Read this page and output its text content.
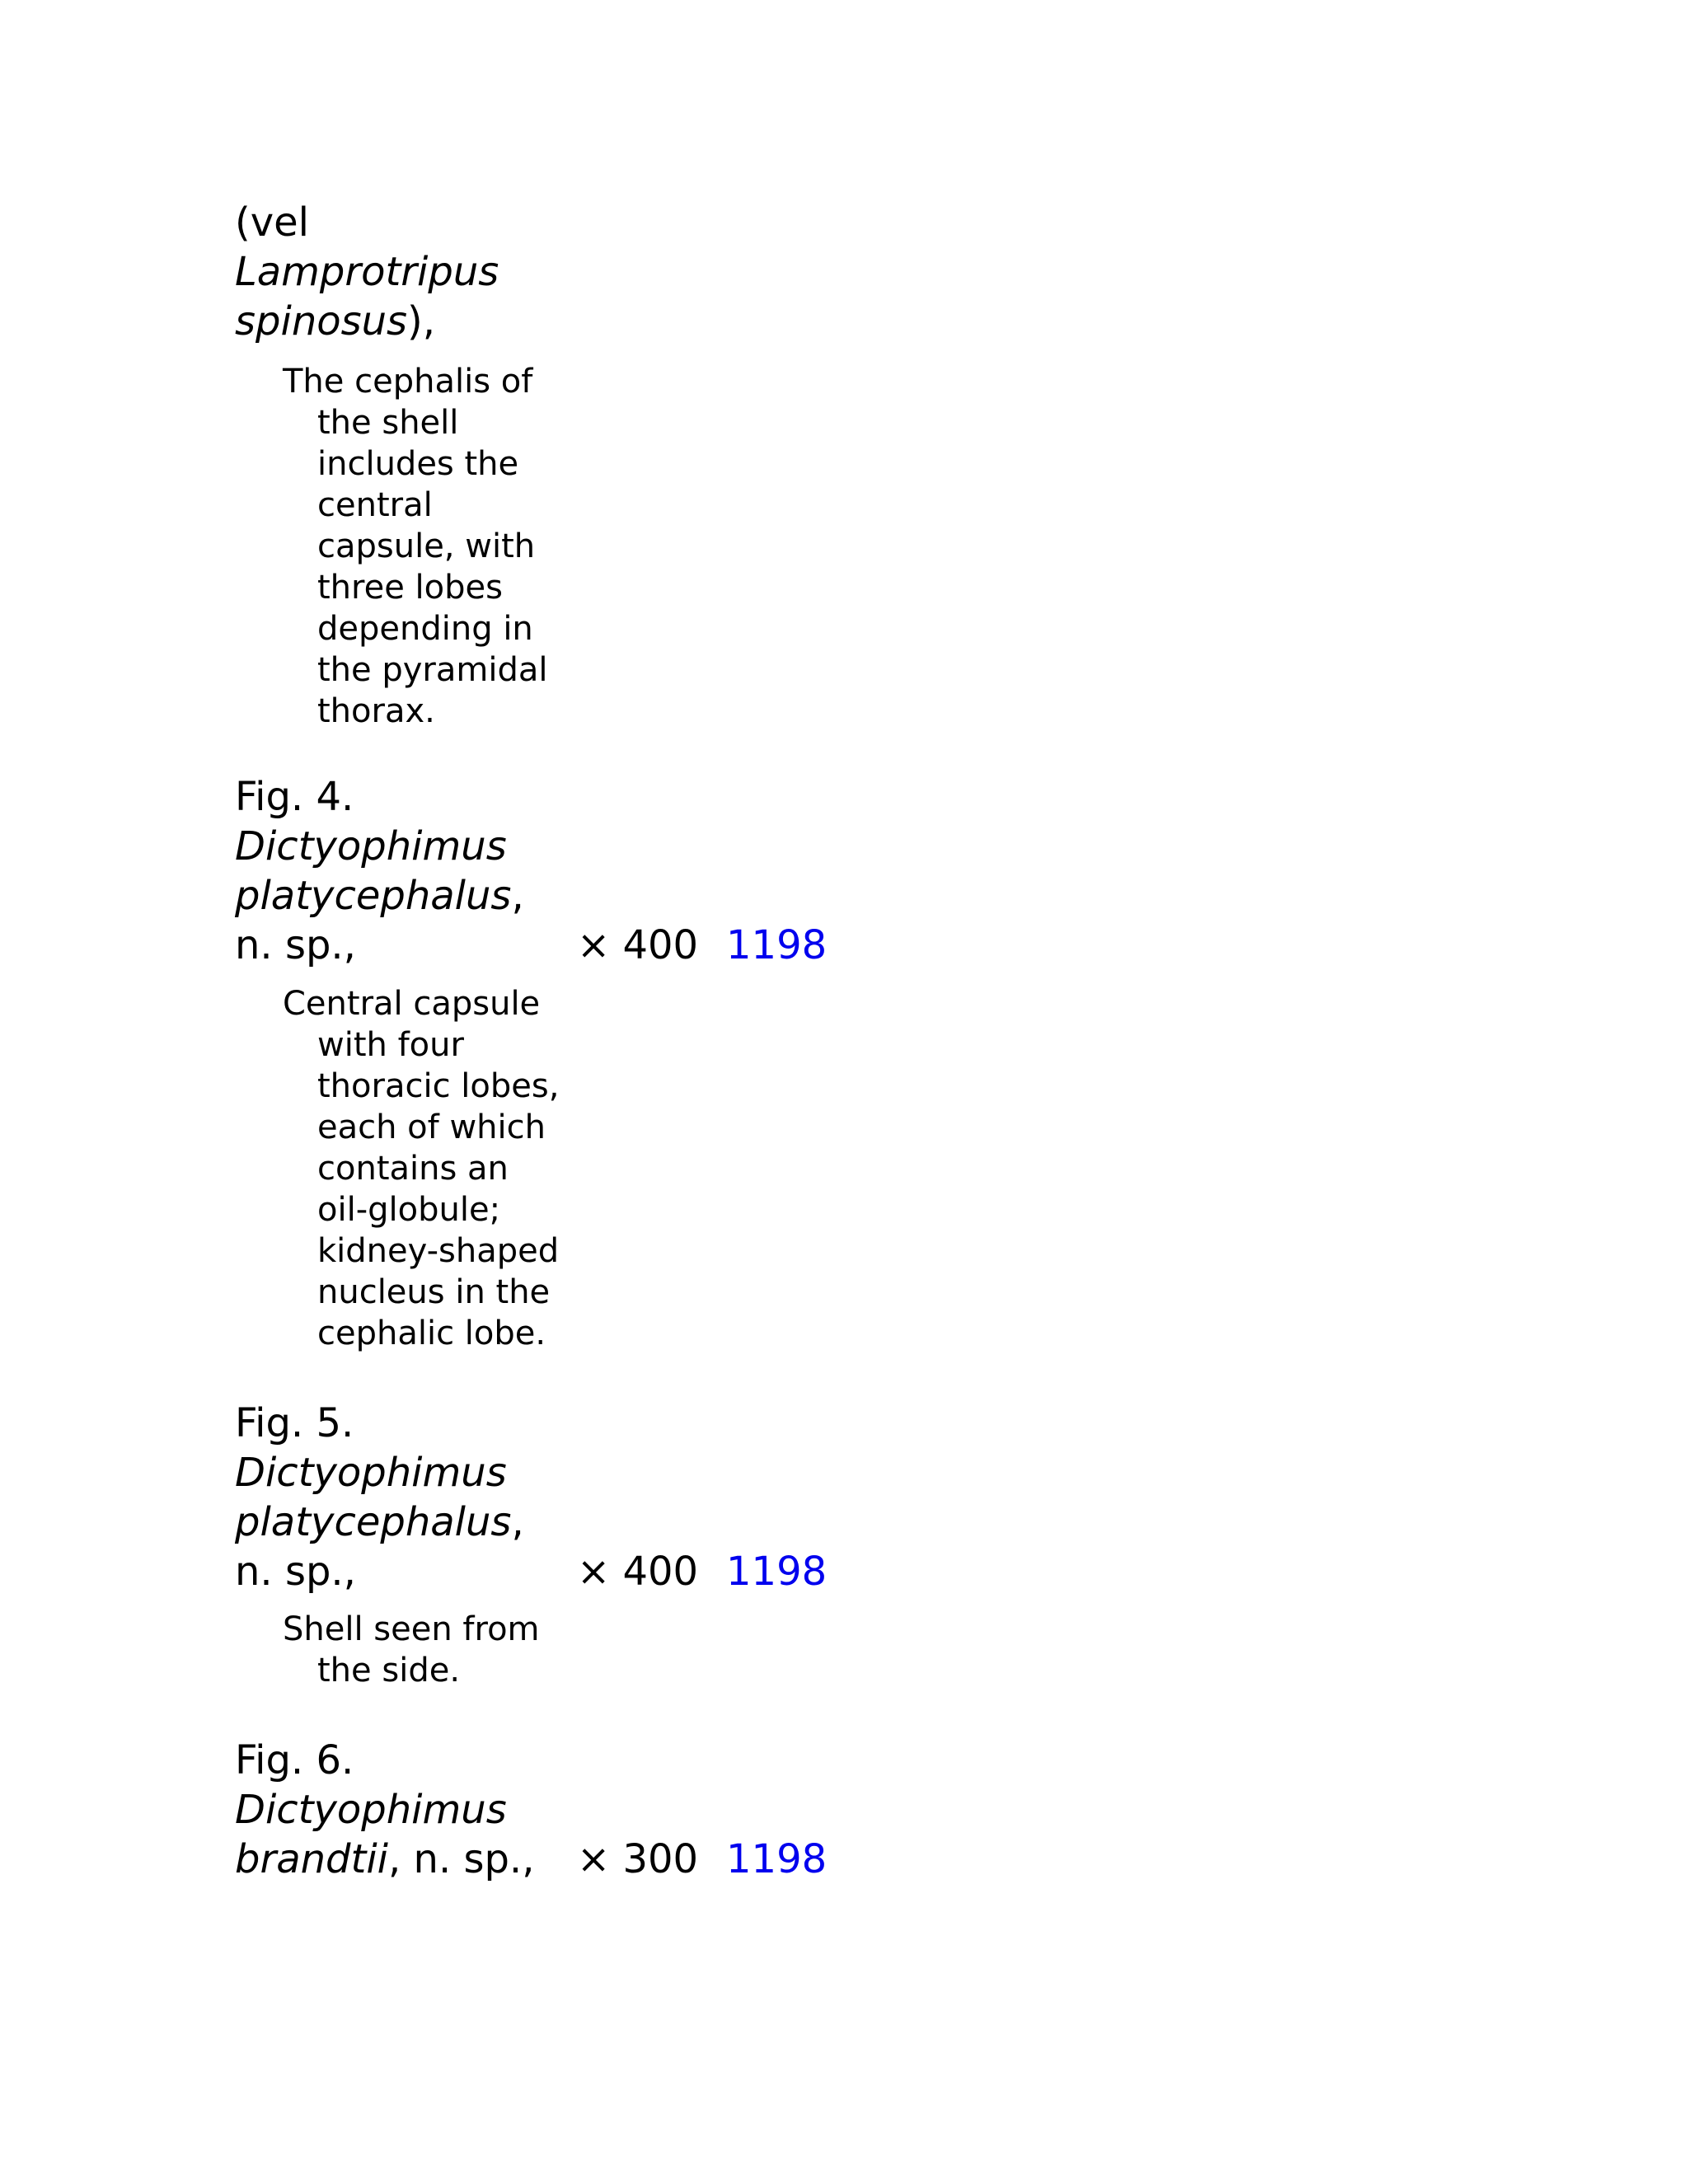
(vel
Lamprotripus
spinosus),
The cephalis of
the shell
includes the
central
capsule, with
three lobes
depending in
the pyramidal
thorax.
Fig. 4.
Dictyophimus
platycephalus,
n. sp.,	× 400 1198
Central capsule
with four
thoracic lobes,
each of which
contains an
oil-globule;
kidney-shaped
nucleus in the
cephalic lobe.
Fig. 5.
Dictyophimus
platycephalus,
n. sp.,	× 400 1198
Shell seen from
the side.
Fig. 6.
Dictyophimus
brandtii, n. sp.,	× 300 1198
